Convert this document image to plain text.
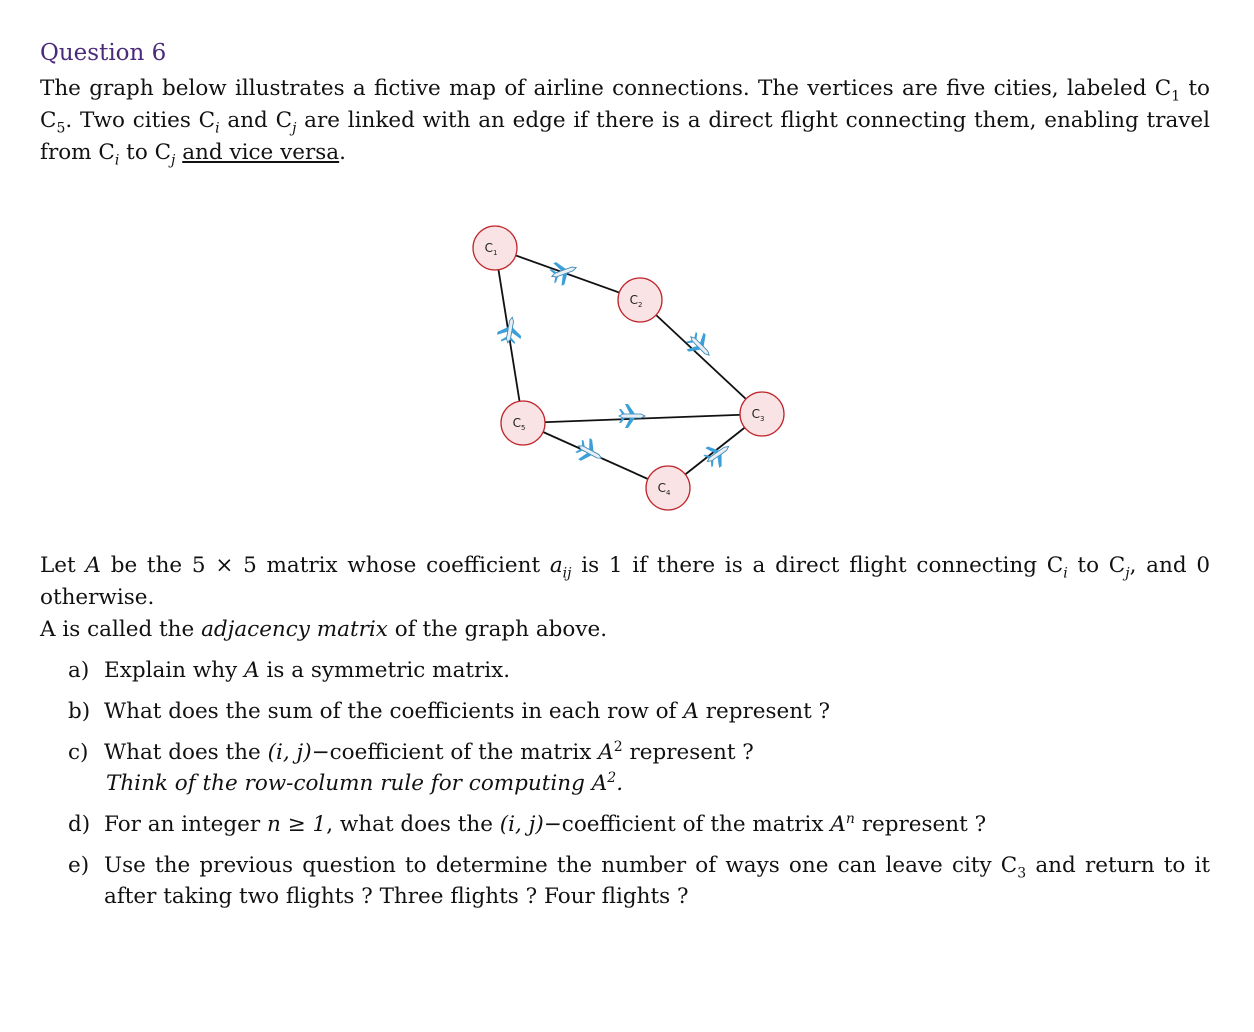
Question 6
The graph below illustrates a fictive map of airline connections. The vertices are five cities, labeled $C_1$ to $C_5$. Two cities $C_i$ and $C_j$ are linked with an edge if there is a direct flight connecting them, enabling travel from $C_i$ to $C_j$ and vice versa.
$C_1$
$C_2$
$C_3$
$C_4$
$C_5$
Let A be the 5 × 5 matrix whose coefficient $a_{ij}$ is 1 if there is a direct flight connecting $C_i$ to $C_j$, and 0 otherwise.
A is called the adjacency matrix of the graph above.
a) Explain why A is a symmetric matrix.
b) What does the sum of the coefficients in each row of A represent ?
c) What does the (i, j)−coefficient of the matrix $A^2$ represent ?
Think of the row-column rule for computing $A^2$.
d) For an integer n ≥ 1, what does the (i, j)−coefficient of the matrix $A^n$ represent ?
e) Use the previous question to determine the number of ways one can leave city $C_3$ and return to it after taking two flights ? Three flights ? Four flights ?
